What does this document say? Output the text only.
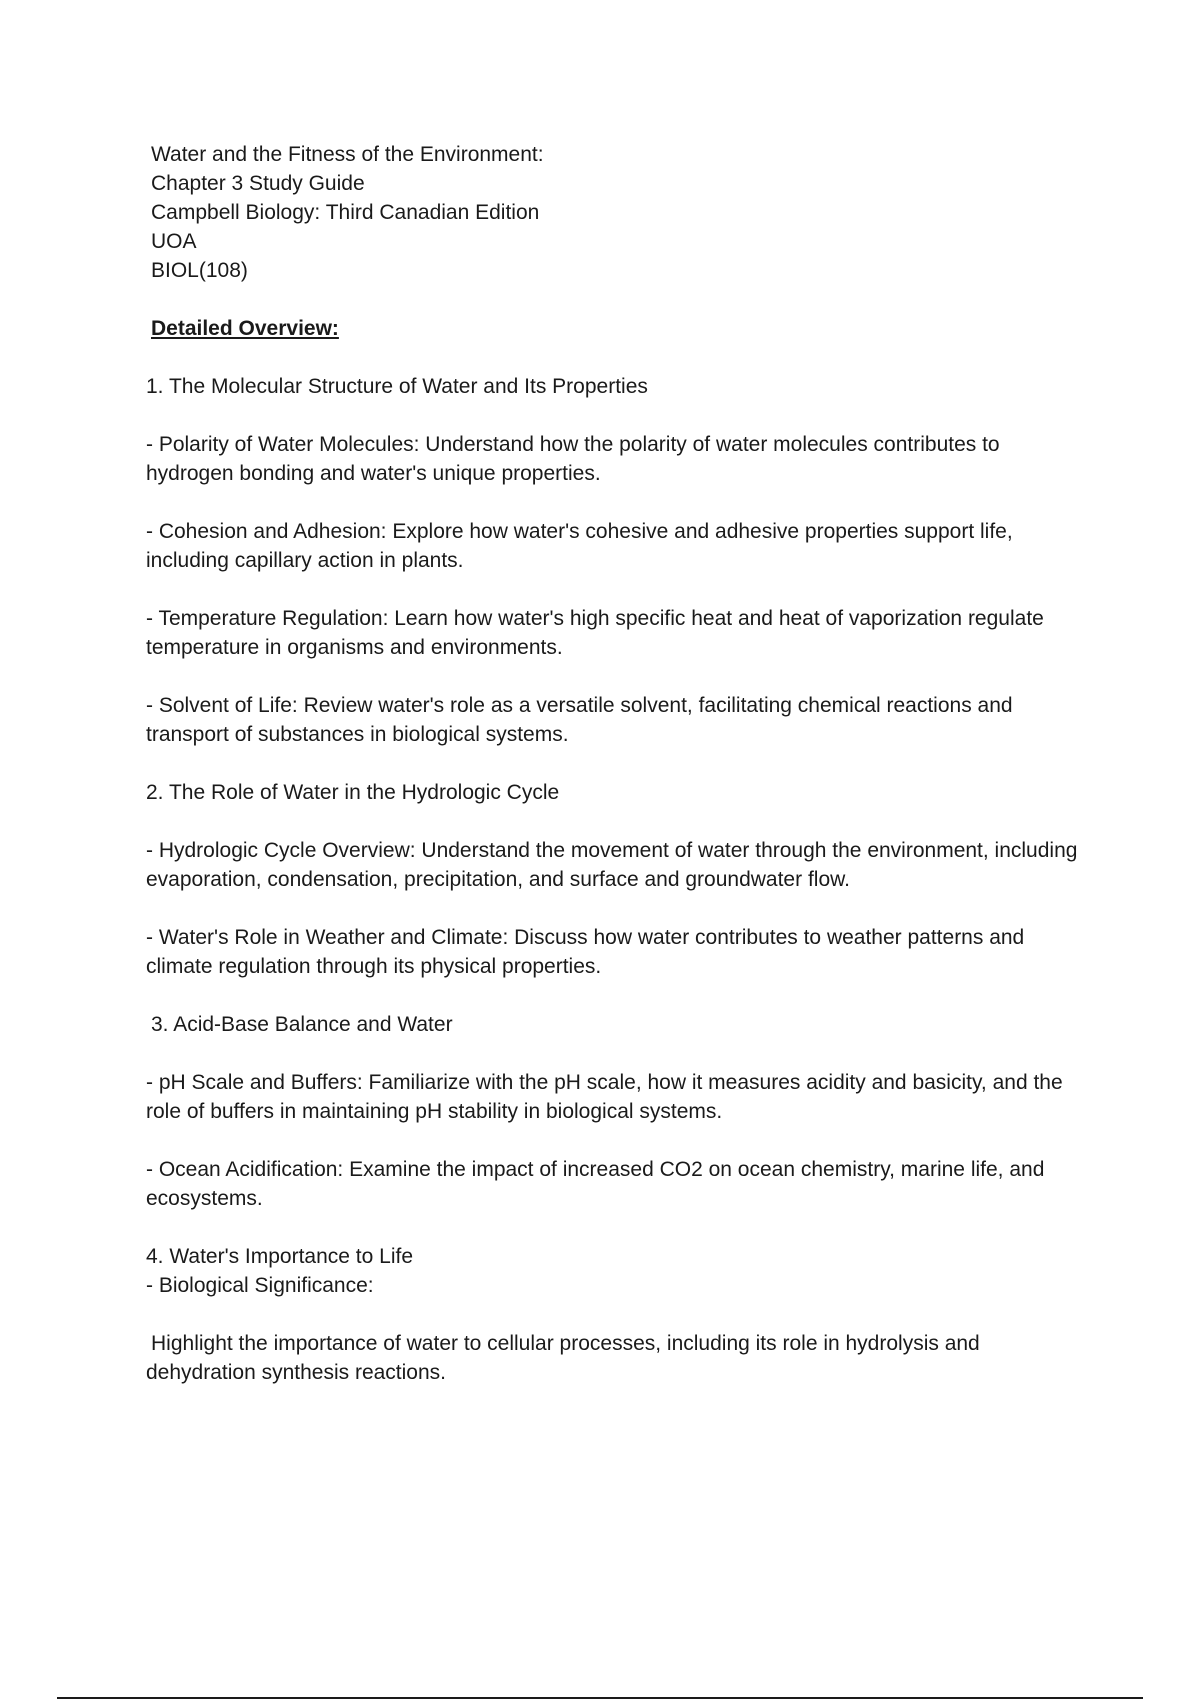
Water and the Fitness of the Environment:
Chapter 3 Study Guide
Campbell Biology: Third Canadian Edition
UOA
BIOL(108)
Detailed Overview:
1. The Molecular Structure of Water and Its Properties
- Polarity of Water Molecules: Understand how the polarity of water molecules contributes to hydrogen bonding and water's unique properties.
- Cohesion and Adhesion: Explore how water's cohesive and adhesive properties support life, including capillary action in plants.
- Temperature Regulation: Learn how water's high specific heat and heat of vaporization regulate temperature in organisms and environments.
- Solvent of Life: Review water's role as a versatile solvent, facilitating chemical reactions and transport of substances in biological systems.
2. The Role of Water in the Hydrologic Cycle
- Hydrologic Cycle Overview: Understand the movement of water through the environment, including evaporation, condensation, precipitation, and surface and groundwater flow.
- Water's Role in Weather and Climate: Discuss how water contributes to weather patterns and climate regulation through its physical properties.
3. Acid-Base Balance and Water
- pH Scale and Buffers: Familiarize with the pH scale, how it measures acidity and basicity, and the role of buffers in maintaining pH stability in biological systems.
- Ocean Acidification: Examine the impact of increased CO2 on ocean chemistry, marine life, and ecosystems.
4. Water's Importance to Life
- Biological Significance:
Highlight the importance of water to cellular processes, including its role in hydrolysis and dehydration synthesis reactions.
